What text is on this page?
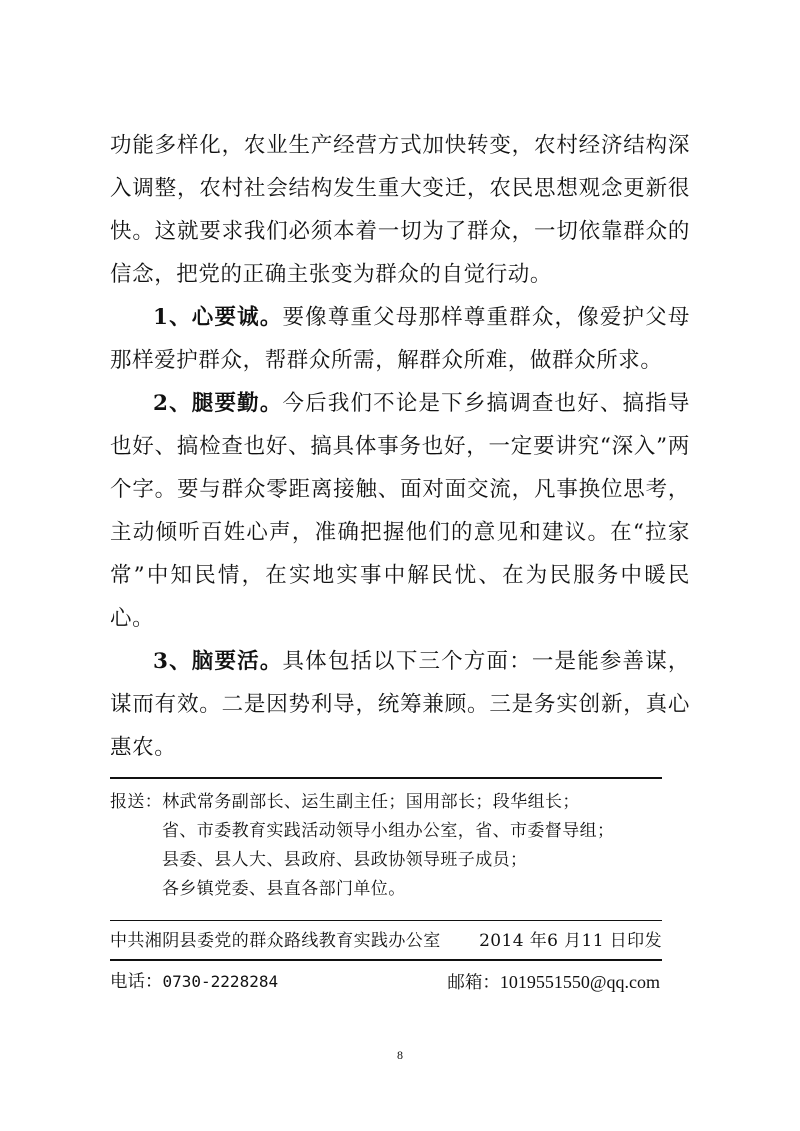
功能多样化，农业生产经营方式加快转变，农村经济结构深入调整，农村社会结构发生重大变迁，农民思想观念更新很快。这就要求我们必须本着一切为了群众，一切依靠群众的信念，把党的正确主张变为群众的自觉行动。

1、心要诚。要像尊重父母那样尊重群众，像爱护父母那样爱护群众，帮群众所需，解群众所难，做群众所求。

2、腿要勤。今后我们不论是下乡搞调查也好、搞指导也好、搞检查也好、搞具体事务也好，一定要讲究“深入”两个字。要与群众零距离接触、面对面交流，凡事换位思考，主动倾听百姓心声，准确把握他们的意见和建议。在“拉家常”中知民情，在实地实事中解民忧、在为民服务中暖民心。

3、脑要活。具体包括以下三个方面：一是能参善谋，谋而有效。二是因势利导，统筹兼顾。三是务实创新，真心惠农。

报送：林武常务副部长、运生副主任；国用部长；段华组长；
省、市委教育实践活动领导小组办公室，省、市委督导组；
县委、县人大、县政府、县政协领导班子成员；
各乡镇党委、县直各部门单位。
中共湘阴县委党的群众路线教育实践办公室 2014 年6 月11 日印发
电话：0730-2228284	邮箱：1019551550@qq.com
8
